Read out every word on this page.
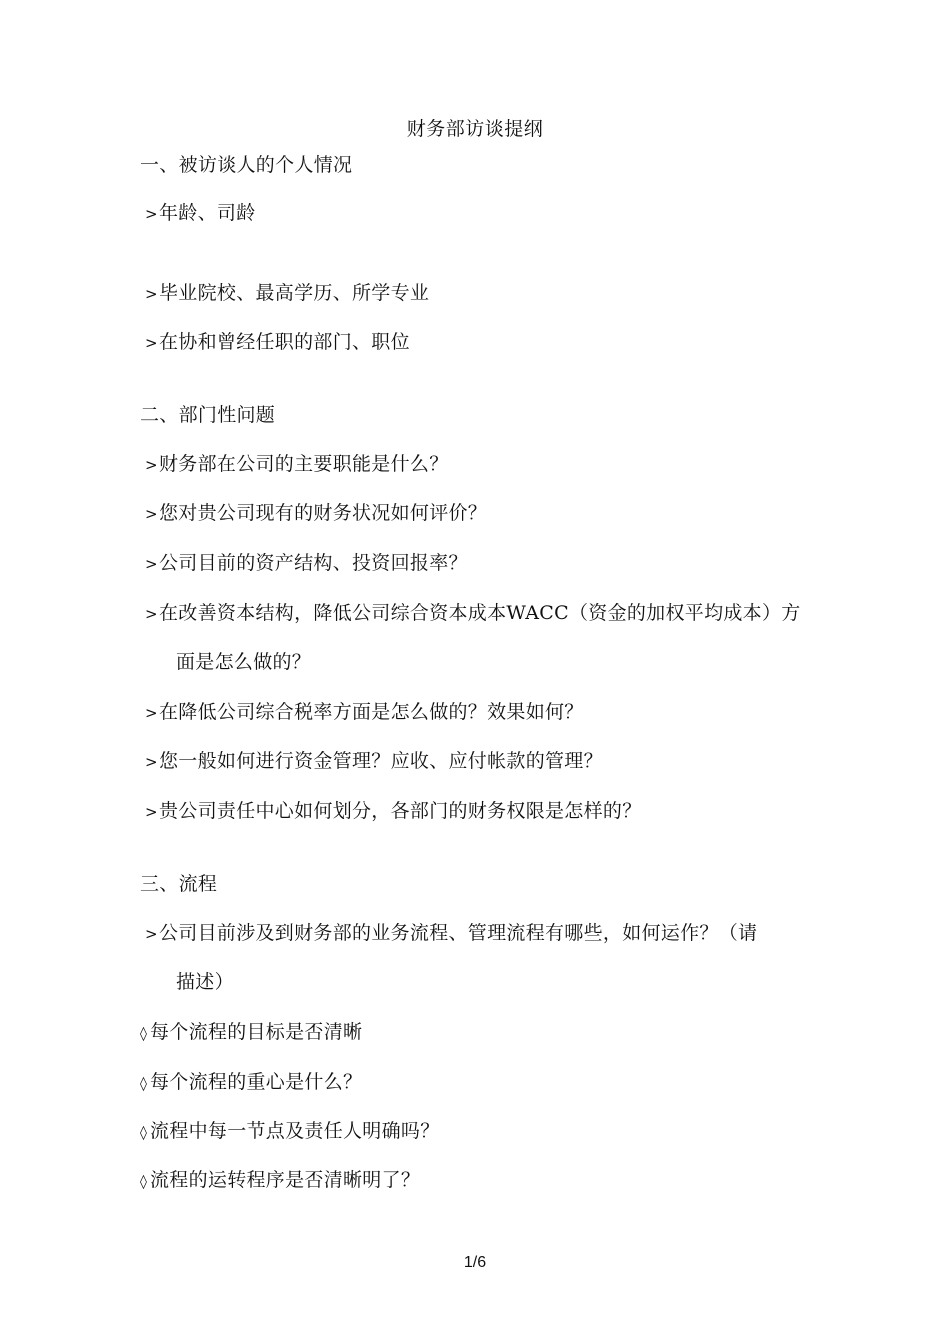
财务部访谈提纲
一、被访谈人的个人情况
>年龄、司龄
>毕业院校、最高学历、所学专业
>在协和曾经任职的部门、职位
二、部门性问题
>财务部在公司的主要职能是什么？
>您对贵公司现有的财务状况如何评价？
>公司目前的资产结构、投资回报率？
>在改善资本结构，降低公司综合资本成本WACC（资金的加权平均成本）方
面是怎么做的？
>在降低公司综合税率方面是怎么做的？效果如何？
>您一般如何进行资金管理？应收、应付帐款的管理？
>贵公司责任中心如何划分，各部门的财务权限是怎样的？
三、流程
>公司目前涉及到财务部的业务流程、管理流程有哪些，如何运作？（请
描述）
◊ 每个流程的目标是否清晰
◊ 每个流程的重心是什么？
◊ 流程中每一节点及责任人明确吗？
◊ 流程的运转程序是否清晰明了？
1/6
